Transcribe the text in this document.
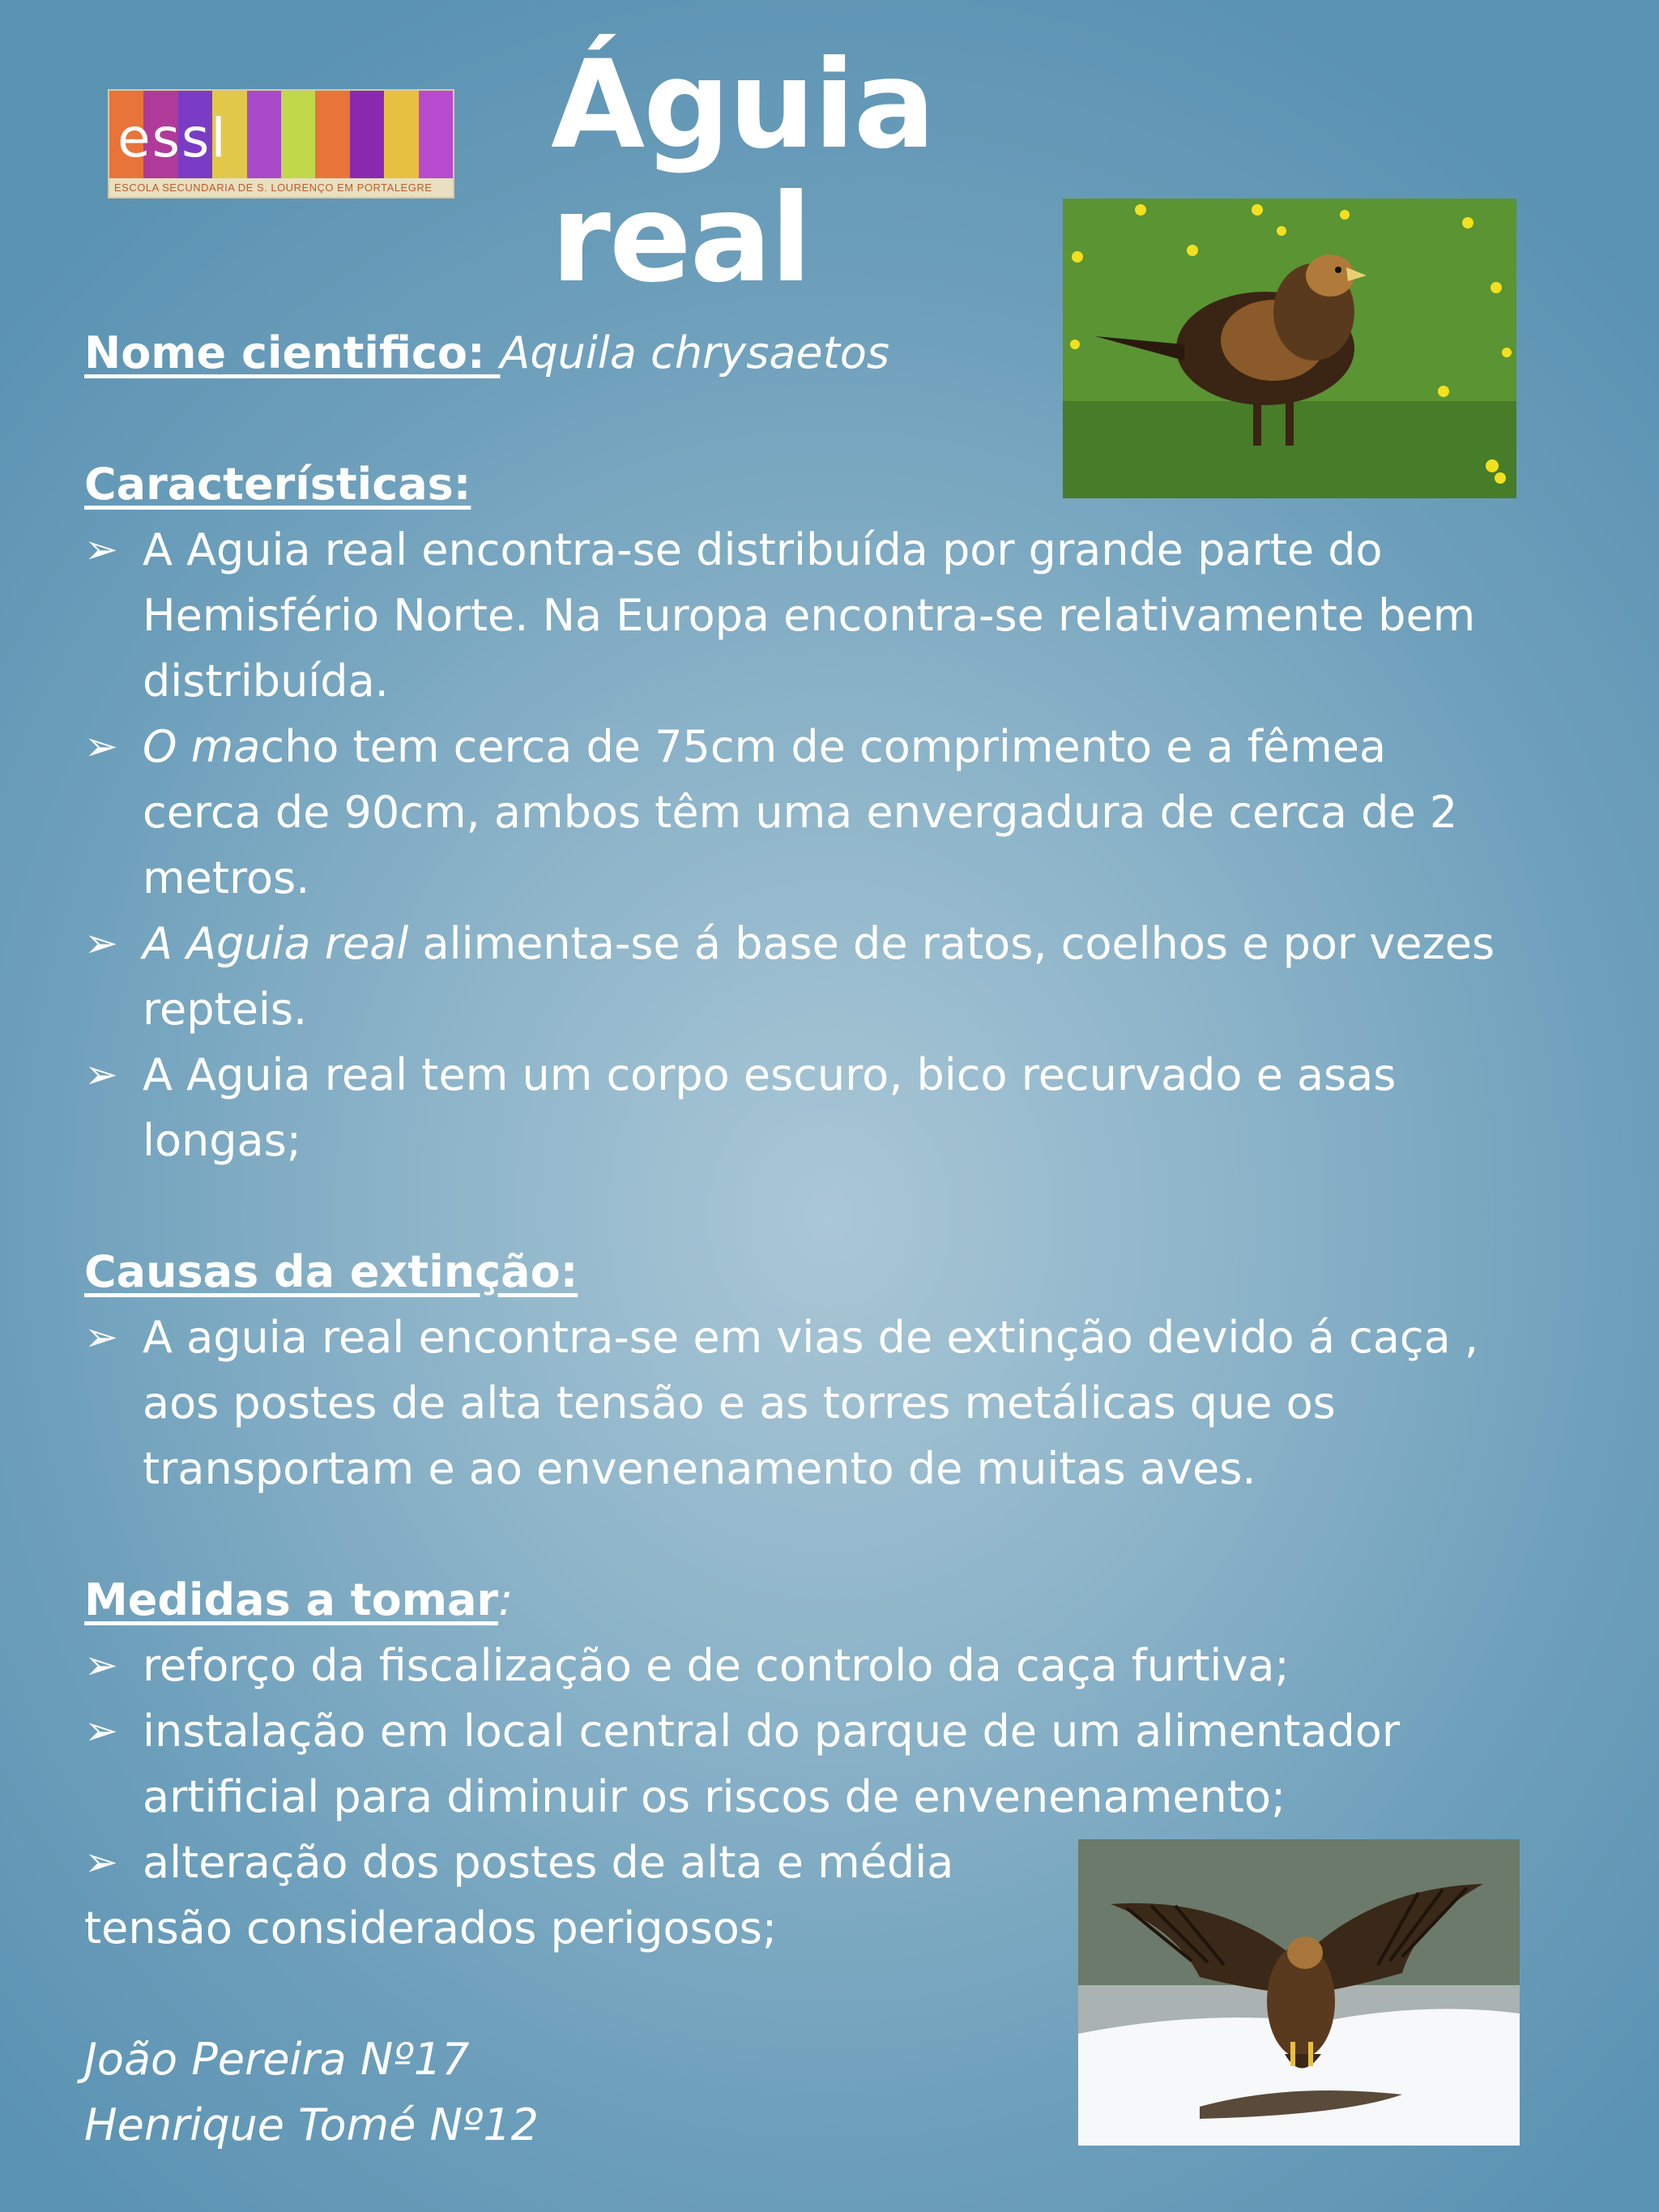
essl
ESCOLA SECUNDARIA DE S. LOURENÇO EM PORTALEGRE
Águia real

Nome cientifico: Aquila chrysaetos

Características:

➢ A Aguia real encontra-se distribuída por grande parte do Hemisfério Norte. Na Europa encontra-se relativamente bem distribuída.

➢ O macho tem cerca de 75cm de comprimento e a fêmea cerca de 90cm, ambos têm uma envergadura de cerca de 2 metros.

➢ A Aguia real alimenta-se á base de ratos, coelhos e por vezes repteis.

➢ A Aguia real tem um corpo escuro, bico recurvado e asas longas;

Causas da extinção:

➢ A aguia real encontra-se em vias de extinção devido á caça , aos postes de alta tensão e as torres metálicas que os transportam e ao envenenamento de muitas aves.

Medidas a tomar:

➢ reforço da fiscalização e de controlo da caça furtiva;

➢ instalação em local central do parque de um alimentador artificial para diminuir os riscos de envenenamento;

➢ alteração dos postes de alta e média

tensão considerados perigosos;

João Pereira Nº17

Henrique Tomé Nº12
